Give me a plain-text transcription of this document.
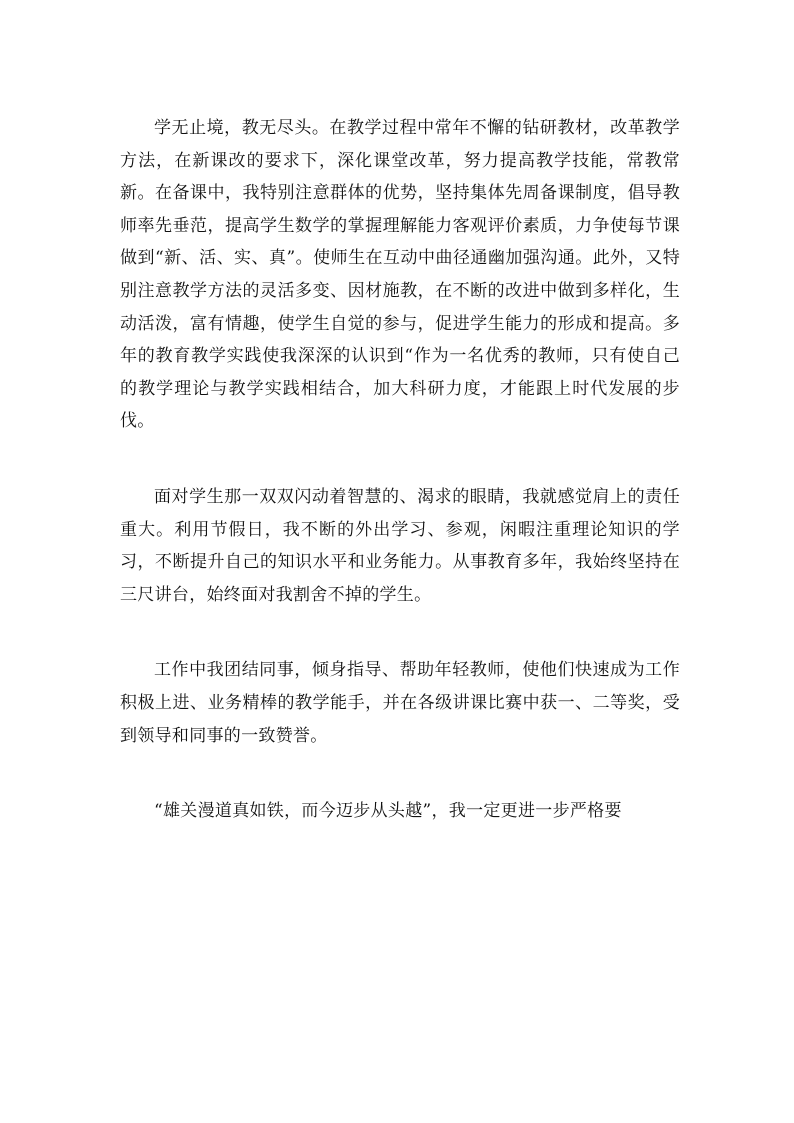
学无止境，教无尽头。在教学过程中常年不懈的钻研教材，改革教学方法，在新课改的要求下，深化课堂改革，努力提高教学技能，常教常新。在备课中，我特别注意群体的优势，坚持集体先周备课制度，倡导教师率先垂范，提高学生数学的掌握理解能力客观评价素质，力争使每节课做到“新、活、实、真”。使师生在互动中曲径通幽加强沟通。此外，又特别注意教学方法的灵活多变、因材施教，在不断的改进中做到多样化，生动活泼，富有情趣，使学生自觉的参与，促进学生能力的形成和提高。多年的教育教学实践使我深深的认识到“作为一名优秀的教师，只有使自己的教学理论与教学实践相结合，加大科研力度，才能跟上时代发展的步伐。

面对学生那一双双闪动着智慧的、渴求的眼睛，我就感觉肩上的责任重大。利用节假日，我不断的外出学习、参观，闲暇注重理论知识的学习，不断提升自己的知识水平和业务能力。从事教育多年，我始终坚持在三尺讲台，始终面对我割舍不掉的学生。

工作中我团结同事，倾身指导、帮助年轻教师，使他们快速成为工作积极上进、业务精棒的教学能手，并在各级讲课比赛中获一、二等奖，受到领导和同事的一致赞誉。

“雄关漫道真如铁，而今迈步从头越”，我一定更进一步严格要
